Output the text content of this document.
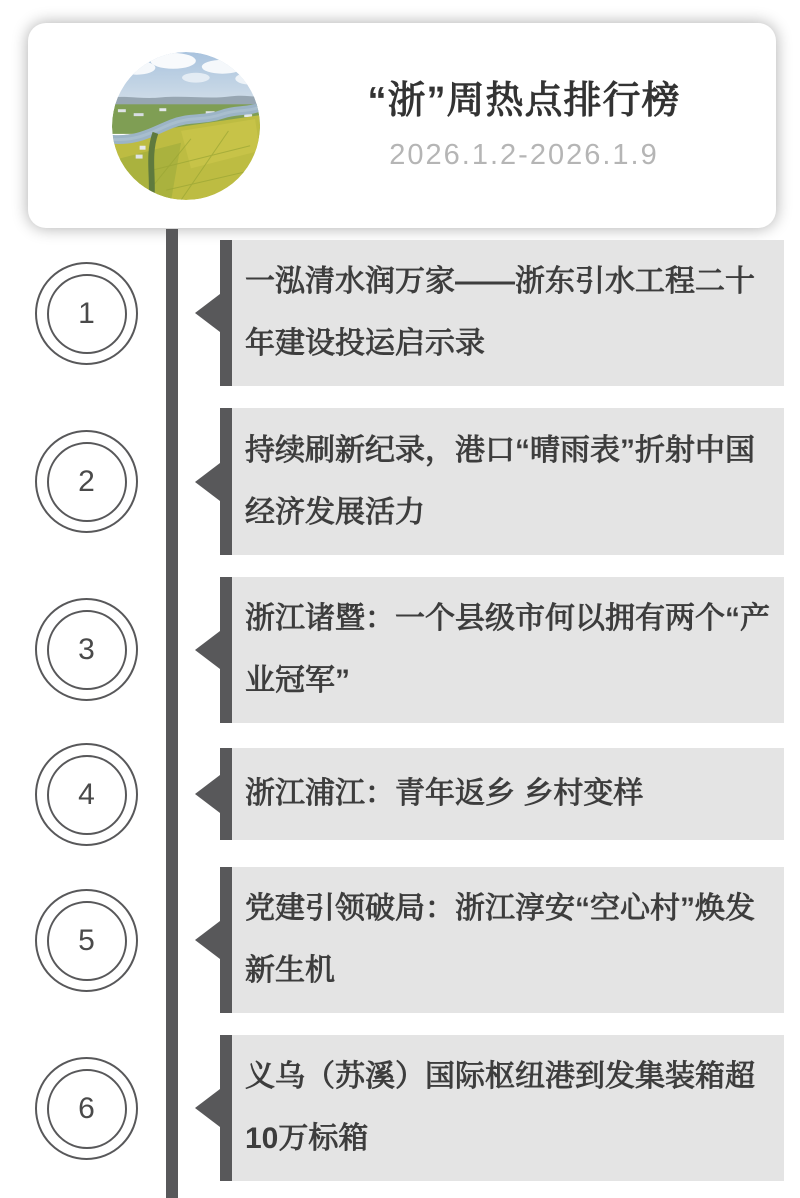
“浙”周热点排行榜
2026.1.2-2026.1.9
1
2
3
4
5
6
一泓清水润万家——浙东引水工程二十年建设投运启示录
持续刷新纪录，港口“晴雨表”折射中国经济发展活力
浙江诸暨：一个县级市何以拥有两个“产业冠军”
浙江浦江：青年返乡 乡村变样
党建引领破局：浙江淳安“空心村”焕发新生机
义乌（苏溪）国际枢纽港到发集装箱超10万标箱
